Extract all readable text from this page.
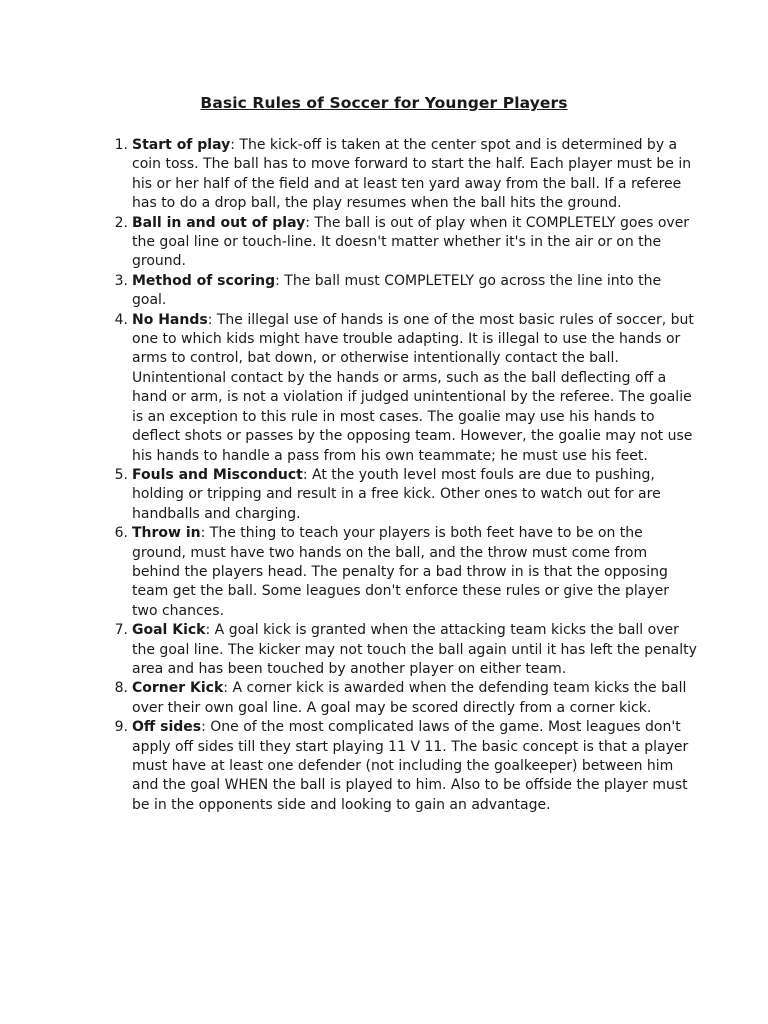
Basic Rules of Soccer for Younger Players
1. Start of play: The kick-off is taken at the center spot and is determined by a coin toss. The ball has to move forward to start the half. Each player must be in his or her half of the field and at least ten yard away from the ball. If a referee has to do a drop ball, the play resumes when the ball hits the ground.
2. Ball in and out of play: The ball is out of play when it COMPLETELY goes over the goal line or touch-line. It doesn't matter whether it's in the air or on the ground.
3. Method of scoring: The ball must COMPLETELY go across the line into the goal.
4. No Hands: The illegal use of hands is one of the most basic rules of soccer, but one to which kids might have trouble adapting. It is illegal to use the hands or arms to control, bat down, or otherwise intentionally contact the ball. Unintentional contact by the hands or arms, such as the ball deflecting off a hand or arm, is not a violation if judged unintentional by the referee. The goalie is an exception to this rule in most cases. The goalie may use his hands to deflect shots or passes by the opposing team. However, the goalie may not use his hands to handle a pass from his own teammate; he must use his feet.
5. Fouls and Misconduct: At the youth level most fouls are due to pushing, holding or tripping and result in a free kick. Other ones to watch out for are handballs and charging.
6. Throw in: The thing to teach your players is both feet have to be on the ground, must have two hands on the ball, and the throw must come from behind the players head. The penalty for a bad throw in is that the opposing team get the ball. Some leagues don't enforce these rules or give the player two chances.
7. Goal Kick: A goal kick is granted when the attacking team kicks the ball over the goal line. The kicker may not touch the ball again until it has left the penalty area and has been touched by another player on either team.
8. Corner Kick: A corner kick is awarded when the defending team kicks the ball over their own goal line. A goal may be scored directly from a corner kick.
9. Off sides: One of the most complicated laws of the game. Most leagues don't apply off sides till they start playing 11 V 11. The basic concept is that a player must have at least one defender (not including the goalkeeper) between him and the goal WHEN the ball is played to him. Also to be offside the player must be in the opponents side and looking to gain an advantage.
